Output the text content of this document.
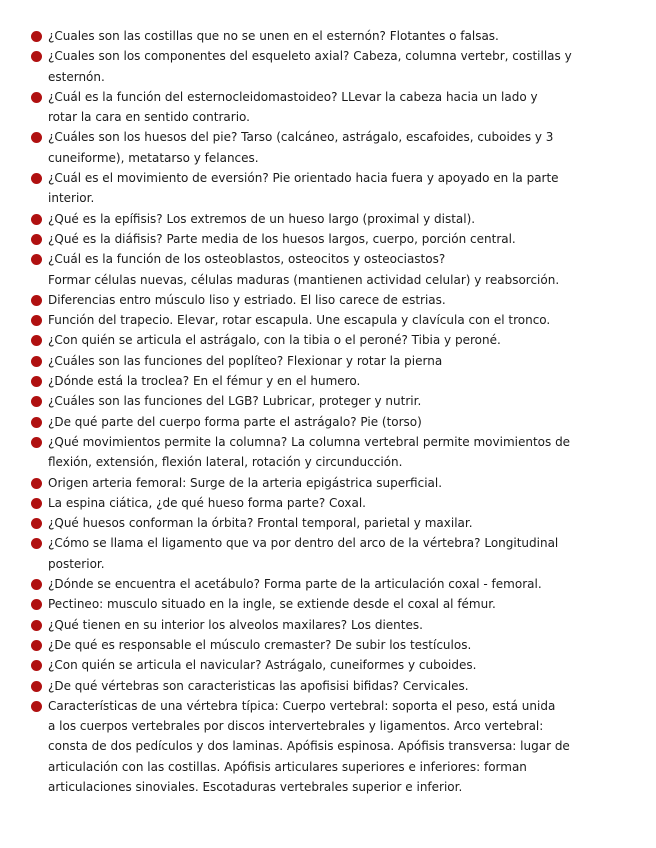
¿Cuales son las costillas que no se unen en el esternón? Flotantes o falsas.
¿Cuales son los componentes del esqueleto axial? Cabeza, columna vertebr, costillas y
esternón.
¿Cuál es la función del esternocleidomastoideo? LLevar la cabeza hacia un lado y
rotar la cara en sentido contrario.
¿Cuáles son los huesos del pie? Tarso (calcáneo, astrágalo, escafoides, cuboides y 3
cuneiforme), metatarso y felances.
¿Cuál es el movimiento de eversión? Pie orientado hacia fuera y apoyado en la parte
interior.
¿Qué es la epífisis? Los extremos de un hueso largo (proximal y distal).
¿Qué es la diáfisis? Parte media de los huesos largos, cuerpo, porción central.
¿Cuál es la función de los osteoblastos, osteocitos y osteociastos?
Formar células nuevas, células maduras (mantienen actividad celular) y reabsorción.
Diferencias entro músculo liso y estriado. El liso carece de estrias.
Función del trapecio. Elevar, rotar escapula. Une escapula y clavícula con el tronco.
¿Con quién se articula el astrágalo, con la tibia o el peroné? Tibia y peroné.
¿Cuáles son las funciones del poplíteo? Flexionar y rotar la pierna
¿Dónde está la troclea? En el fémur y en el humero.
¿Cuáles son las funciones del LGB? Lubricar, proteger y nutrir.
¿De qué parte del cuerpo forma parte el astrágalo? Pie (torso)
¿Qué movimientos permite la columna? La columna vertebral permite movimientos de
flexión, extensión, flexión lateral, rotación y circunducción.
Origen arteria femoral: Surge de la arteria epigástrica superficial.
La espina ciática, ¿de qué hueso forma parte? Coxal.
¿Qué huesos conforman la órbita? Frontal temporal, parietal y maxilar.
¿Cómo se llama el ligamento que va por dentro del arco de la vértebra? Longitudinal
posterior.
¿Dónde se encuentra el acetábulo? Forma parte de la articulación coxal - femoral.
Pectineo: musculo situado en la ingle, se extiende desde el coxal al fémur.
¿Qué tienen en su interior los alveolos maxilares? Los dientes.
¿De qué es responsable el músculo cremaster? De subir los testículos.
¿Con quién se articula el navicular? Astrágalo, cuneiformes y cuboides.
¿De qué vértebras son caracteristicas las apofisisi bifidas? Cervicales.
Características de una vértebra típica: Cuerpo vertebral: soporta el peso, está unida
a los cuerpos vertebrales por discos intervertebrales y ligamentos. Arco vertebral:
consta de dos pedículos y dos laminas. Apófisis espinosa. Apófisis transversa: lugar de
articulación con las costillas. Apófisis articulares superiores e inferiores: forman
articulaciones sinoviales. Escotaduras vertebrales superior e inferior.
